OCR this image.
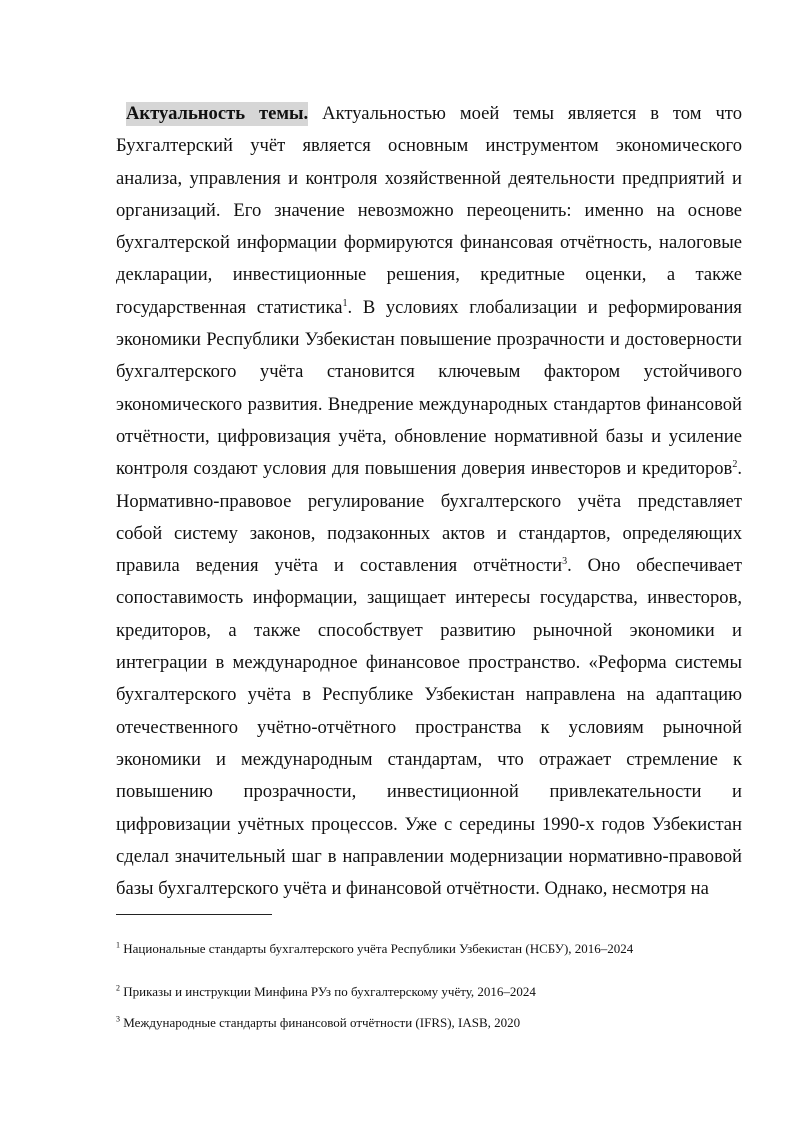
Актуальность темы. Актуальностью моей темы является в том что Бухгалтерский учёт является основным инструментом экономического анализа, управления и контроля хозяйственной деятельности предприятий и организаций. Его значение невозможно переоценить: именно на основе бухгалтерской информации формируются финансовая отчётность, налоговые декларации, инвестиционные решения, кредитные оценки, а также государственная статистика$^1$. В условиях глобализации и реформирования экономики Республики Узбекистан повышение прозрачности и достоверности бухгалтерского учёта становится ключевым фактором устойчивого экономического развития. Внедрение международных стандартов финансовой отчётности, цифровизация учёта, обновление нормативной базы и усиление контроля создают условия для повышения доверия инвесторов и кредиторов$^2$. Нормативно-правовое регулирование бухгалтерского учёта представляет собой систему законов, подзаконных актов и стандартов, определяющих правила ведения учёта и составления отчётности$^3$. Оно обеспечивает сопоставимость информации, защищает интересы государства, инвесторов, кредиторов, а также способствует развитию рыночной экономики и интеграции в международное финансовое пространство. «Реформа системы бухгалтерского учёта в Республике Узбекистан направлена на адаптацию отечественного учётно-отчётного пространства к условиям рыночной экономики и международным стандартам, что отражает стремление к повышению прозрачности, инвестиционной привлекательности и цифровизации учётных процессов. Уже с середины 1990-х годов Узбекистан сделал значительный шаг в направлении модернизации нормативно-правовой базы бухгалтерского учёта и финансовой отчётности. Однако, несмотря на

$^1$ Национальные стандарты бухгалтерского учёта Республики Узбекистан (НСБУ), 2016–2024

$^2$ Приказы и инструкции Минфина РУз по бухгалтерскому учёту, 2016–2024

$^3$ Международные стандарты финансовой отчётности (IFRS), IASB, 2020
